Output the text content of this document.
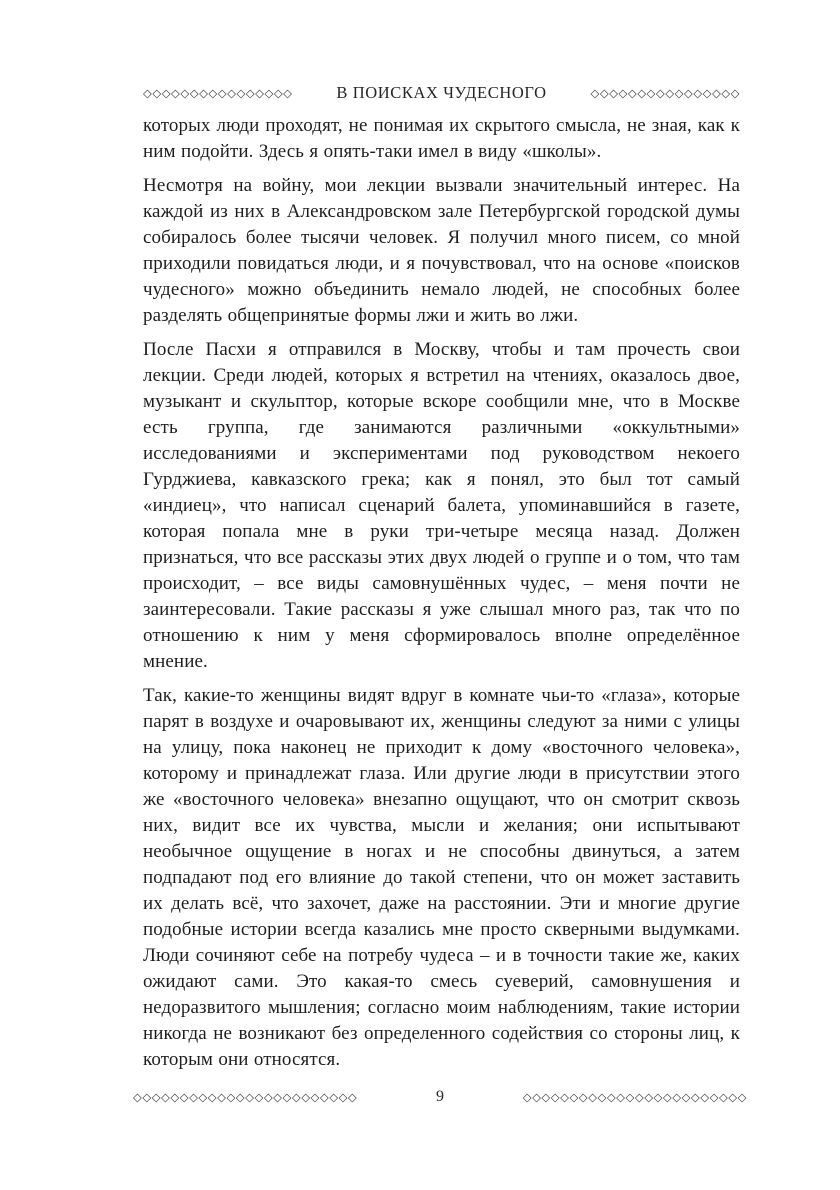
◇◇◇◇◇◇◇◇◇◇◇◇◇◇◇◇	В ПОИСКАХ ЧУДЕСНОГО	◇◇◇◇◇◇◇◇◇◇◇◇◇◇◇◇

которых люди проходят, не понимая их скрытого смысла, не зная, как к ним подойти. Здесь я опять-таки имел в виду «школы».

Несмотря на войну, мои лекции вызвали значительный интерес. На каждой из них в Александровском зале Петербургской городской думы собиралось более тысячи человек. Я получил много писем, со мной приходили повидаться люди, и я почувствовал, что на основе «поисков чудесного» можно объединить немало людей, не способных более разделять общепринятые формы лжи и жить во лжи.

После Пасхи я отправился в Москву, чтобы и там прочесть свои лекции. Среди людей, которых я встретил на чтениях, оказалось двое, музыкант и скульптор, которые вскоре сообщили мне, что в Москве есть группа, где занимаются различными «оккультными» исследованиями и экспериментами под руководством некоего Гурджиева, кавказского грека; как я понял, это был тот самый «индиец», что написал сценарий балета, упоминавшийся в газете, которая попала мне в руки три-четыре месяца назад. Должен признаться, что все рассказы этих двух людей о группе и о том, что там происходит, – все виды самовнушённых чудес, – меня почти не заинтересовали. Такие рассказы я уже слышал много раз, так что по отношению к ним у меня сформировалось вполне определённое мнение.

Так, какие-то женщины видят вдруг в комнате чьи-то «глаза», которые парят в воздухе и очаровывают их, женщины следуют за ними с улицы на улицу, пока наконец не приходит к дому «восточного человека», которому и принадлежат глаза. Или другие люди в присутствии этого же «восточного человека» внезапно ощущают, что он смотрит сквозь них, видит все их чувства, мысли и желания; они испытывают необычное ощущение в ногах и не способны двинуться, а затем подпадают под его влияние до такой степени, что он может заставить их делать всё, что захочет, даже на расстоянии. Эти и многие другие подобные истории всегда казались мне просто скверными выдумками. Люди сочиняют себе на потребу чудеса – и в точности такие же, каких ожидают сами. Это какая-то смесь суеверий, самовнушения и недоразвитого мышления; согласно моим наблюдениям, такие истории никогда не возникают без определенного содействия со стороны лиц, к которым они относятся.

◇◇◇◇◇◇◇◇◇◇◇◇◇◇◇◇◇◇◇◇◇◇◇◇	9	◇◇◇◇◇◇◇◇◇◇◇◇◇◇◇◇◇◇◇◇◇◇◇◇
